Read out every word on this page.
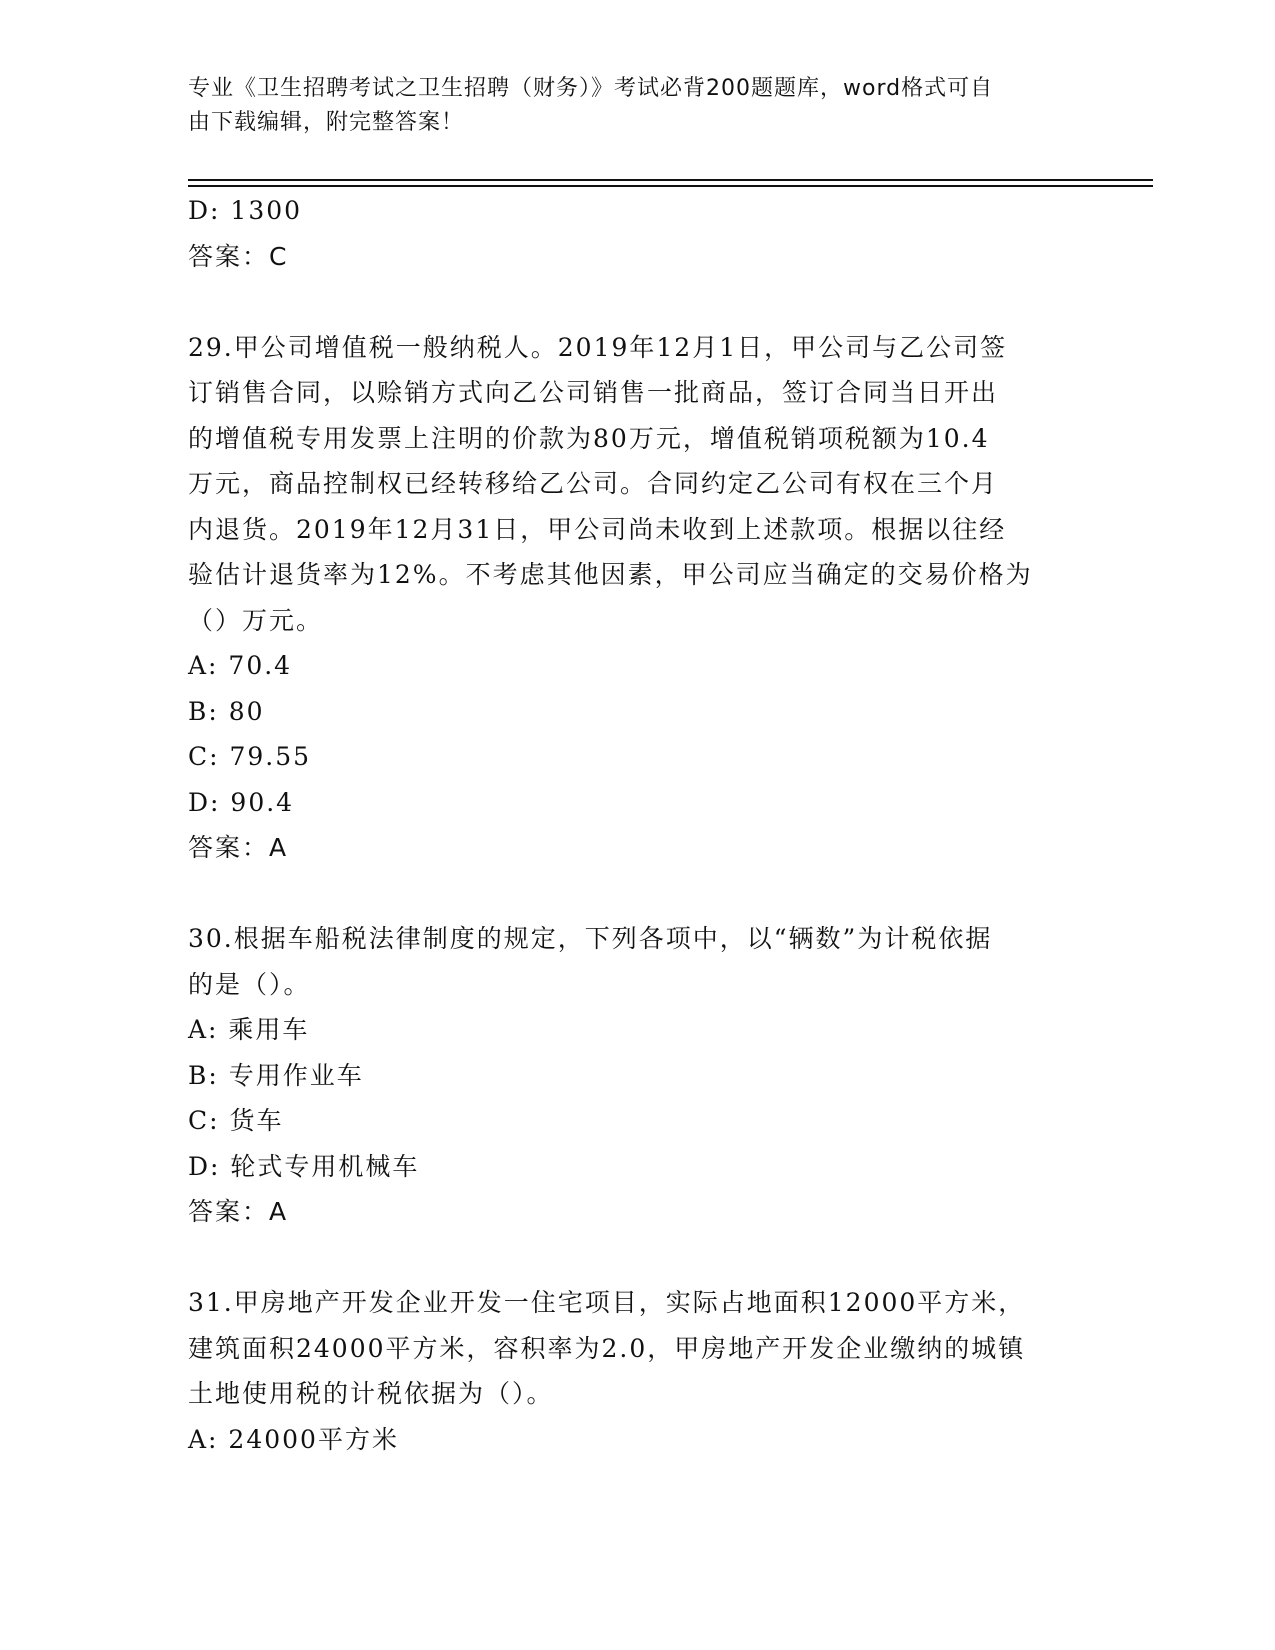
专业《卫生招聘考试之卫生招聘（财务）》考试必背200题题库，word格式可自
由下载编辑，附完整答案！
D: 1300
答案：C
29.甲公司增值税一般纳税人。2019年12月1日，甲公司与乙公司签
订销售合同，以赊销方式向乙公司销售一批商品，签订合同当日开出
的增值税专用发票上注明的价款为80万元，增值税销项税额为10.4
万元，商品控制权已经转移给乙公司。合同约定乙公司有权在三个月
内退货。2019年12月31日，甲公司尚未收到上述款项。根据以往经
验估计退货率为12%。不考虑其他因素，甲公司应当确定的交易价格为
（）万元。
A: 70.4
B: 80
C: 79.55
D: 90.4
答案：A
30.根据车船税法律制度的规定，下列各项中，以“辆数”为计税依据
的是（）。
A: 乘用车
B: 专用作业车
C: 货车
D: 轮式专用机械车
答案：A
31.甲房地产开发企业开发一住宅项目，实际占地面积12000平方米，
建筑面积24000平方米，容积率为2.0，甲房地产开发企业缴纳的城镇
土地使用税的计税依据为（）。
A: 24000平方米
